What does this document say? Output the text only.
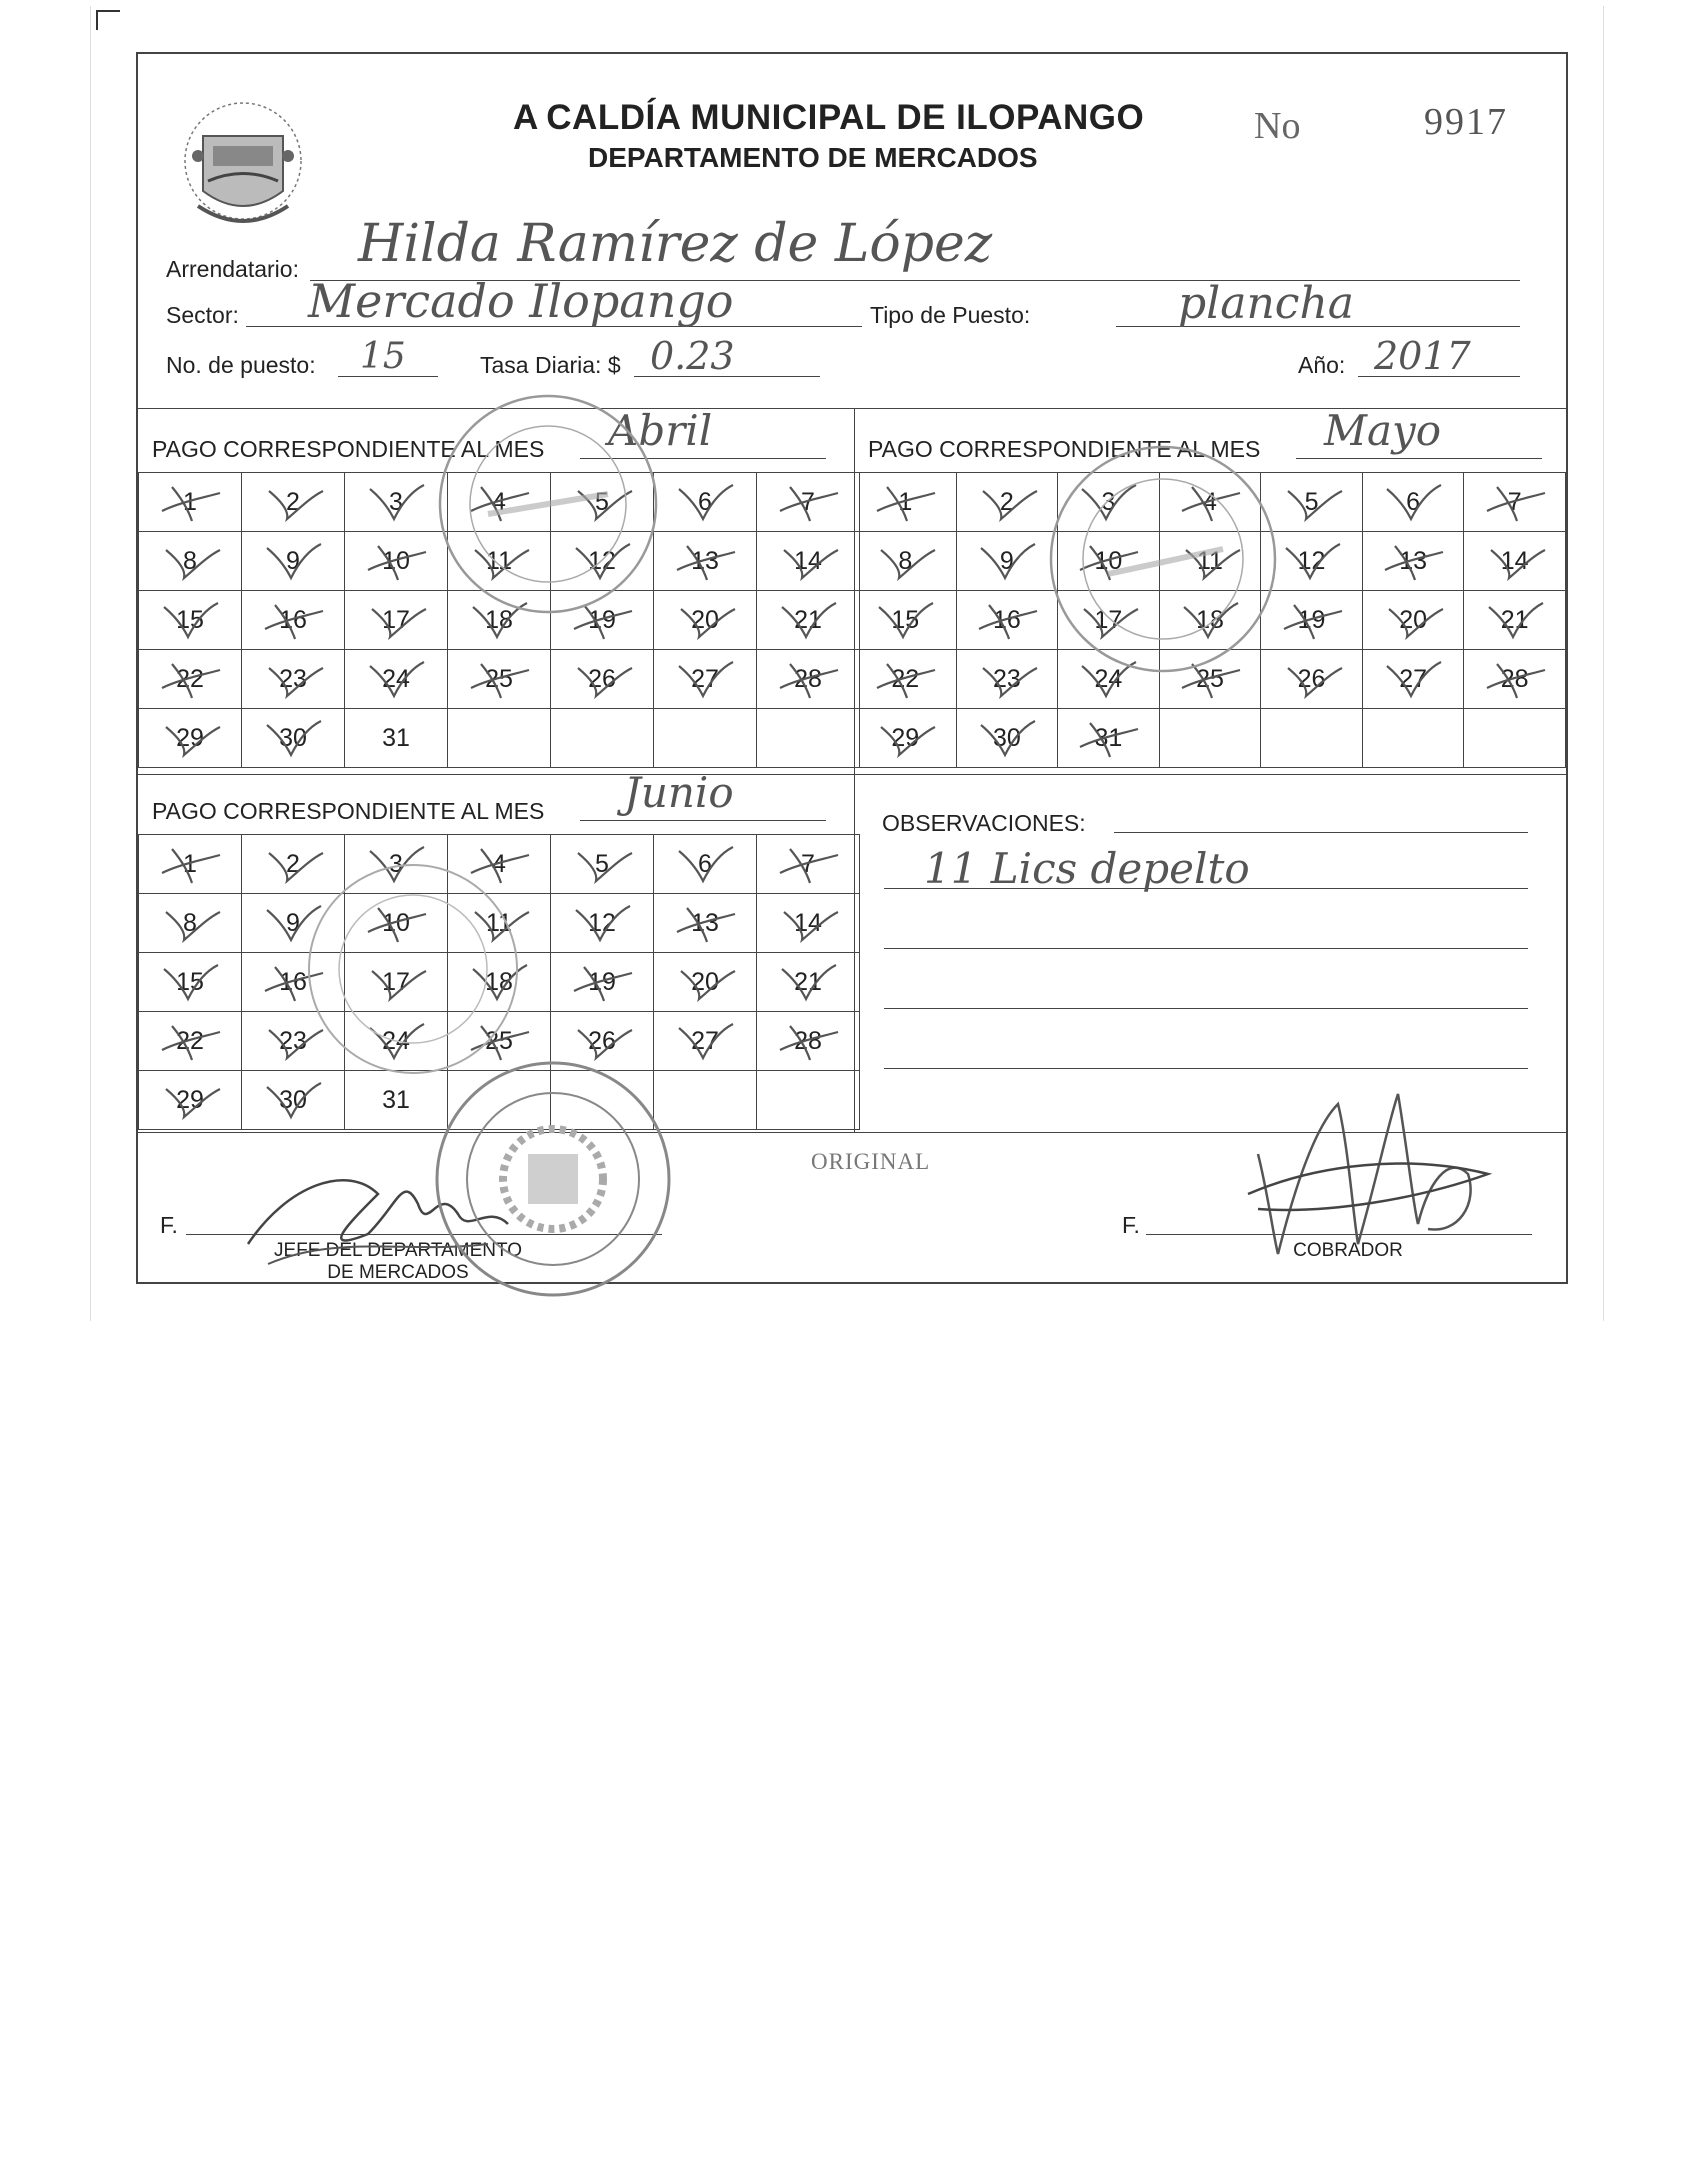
A CALDÍA MUNICIPAL DE ILOPANGO
DEPARTAMENTO DE MERCADOS
No	9917
Arrendatario: Hilda Ramírez de López
Sector: Mercado Ilopango	Tipo de Puesto:	plancha
No. de puesto: 15	Tasa Diaria: $ 0.23	Año: 2017
PAGO CORRESPONDIENTE AL MES Abril
1	2	3	4	5	6	7

8	9	10	11	12	13	14

15	16	17	18	19	20	21

22	23	24	25	26	27	28

29	30	31				
PAGO CORRESPONDIENTE AL MES Mayo
1	2	3	4	5	6	7

8	9	10	11	12	13	14

15	16	17	18	19	20	21

22	23	24	25	26	27	28

29	30	31

PAGO CORRESPONDIENTE AL MES Junio
1	2	3	4	5	6	7

8	9	10	11	12	13	14

15	16	17	18	19	20	21

22	23	24	25	26	27	28

29	30	31				
OBSERVACIONES:
11 Lics depelto
ORIGINAL
F.
JEFE DEL DEPARTAMENTO
DE MERCADOS
F.
COBRADOR
